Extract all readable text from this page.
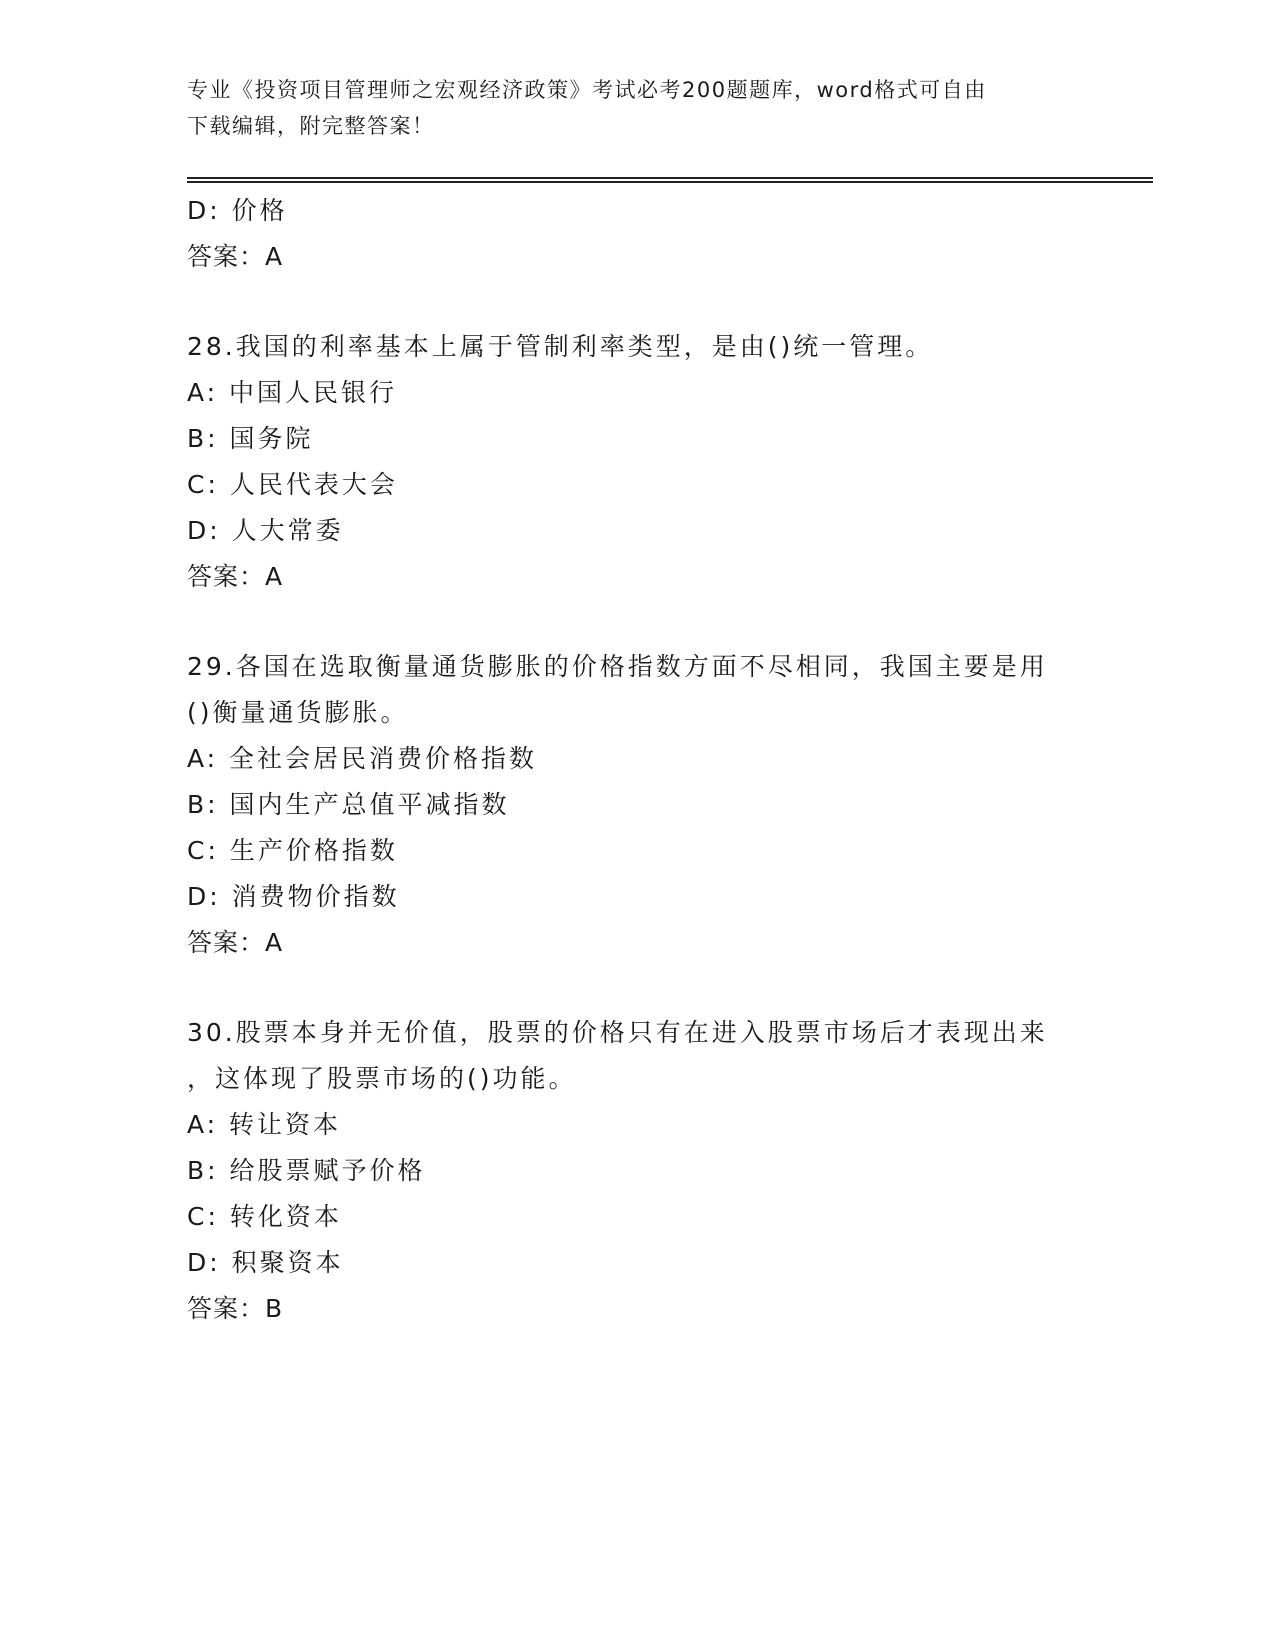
专业《投资项目管理师之宏观经济政策》考试必考200题题库，word格式可自由
下载编辑，附完整答案！
D: 价格
答案：A
28.我国的利率基本上属于管制利率类型，是由()统一管理。
A: 中国人民银行
B: 国务院
C: 人民代表大会
D: 人大常委
答案：A
29.各国在选取衡量通货膨胀的价格指数方面不尽相同，我国主要是用
()衡量通货膨胀。
A: 全社会居民消费价格指数
B: 国内生产总值平减指数
C: 生产价格指数
D: 消费物价指数
答案：A
30.股票本身并无价值，股票的价格只有在进入股票市场后才表现出来
，这体现了股票市场的()功能。
A: 转让资本
B: 给股票赋予价格
C: 转化资本
D: 积聚资本
答案：B
